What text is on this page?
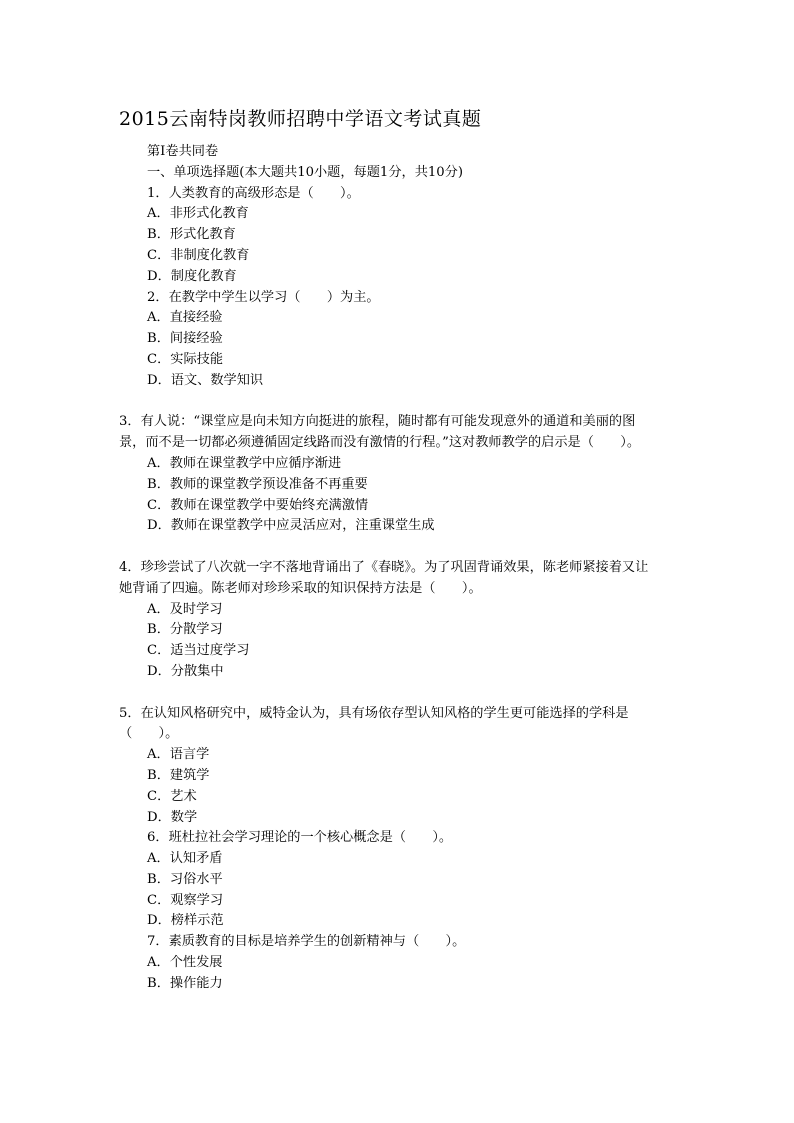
2015云南特岗教师招聘中学语文考试真题
第Ⅰ卷共同卷
一、单项选择题(本大题共10小题，每题1分，共10分)
1．人类教育的高级形态是（　　）。
A．非形式化教育
B．形式化教育
C．非制度化教育
D．制度化教育
2．在教学中学生以学习（　　）为主。
A．直接经验
B．间接经验
C．实际技能
D．语文、数学知识
3．有人说：“课堂应是向未知方向挺进的旅程，随时都有可能发现意外的通道和美丽的图景，而不是一切都必须遵循固定线路而没有激情的行程。”这对教师教学的启示是（　　）。
A．教师在课堂教学中应循序渐进
B．教师的课堂教学预设准备不再重要
C．教师在课堂教学中要始终充满激情
D．教师在课堂教学中应灵活应对，注重课堂生成
4．珍珍尝试了八次就一字不落地背诵出了《春晓》。为了巩固背诵效果，陈老师紧接着又让她背诵了四遍。陈老师对珍珍采取的知识保持方法是（　　）。
A．及时学习
B．分散学习
C．适当过度学习
D．分散集中
5．在认知风格研究中，威特金认为，具有场依存型认知风格的学生更可能选择的学科是（　　）。
A．语言学
B．建筑学
C．艺术
D．数学
6．班杜拉社会学习理论的一个核心概念是（　　）。
A．认知矛盾
B．习俗水平
C．观察学习
D．榜样示范
7．素质教育的目标是培养学生的创新精神与（　　）。
A．个性发展
B．操作能力
